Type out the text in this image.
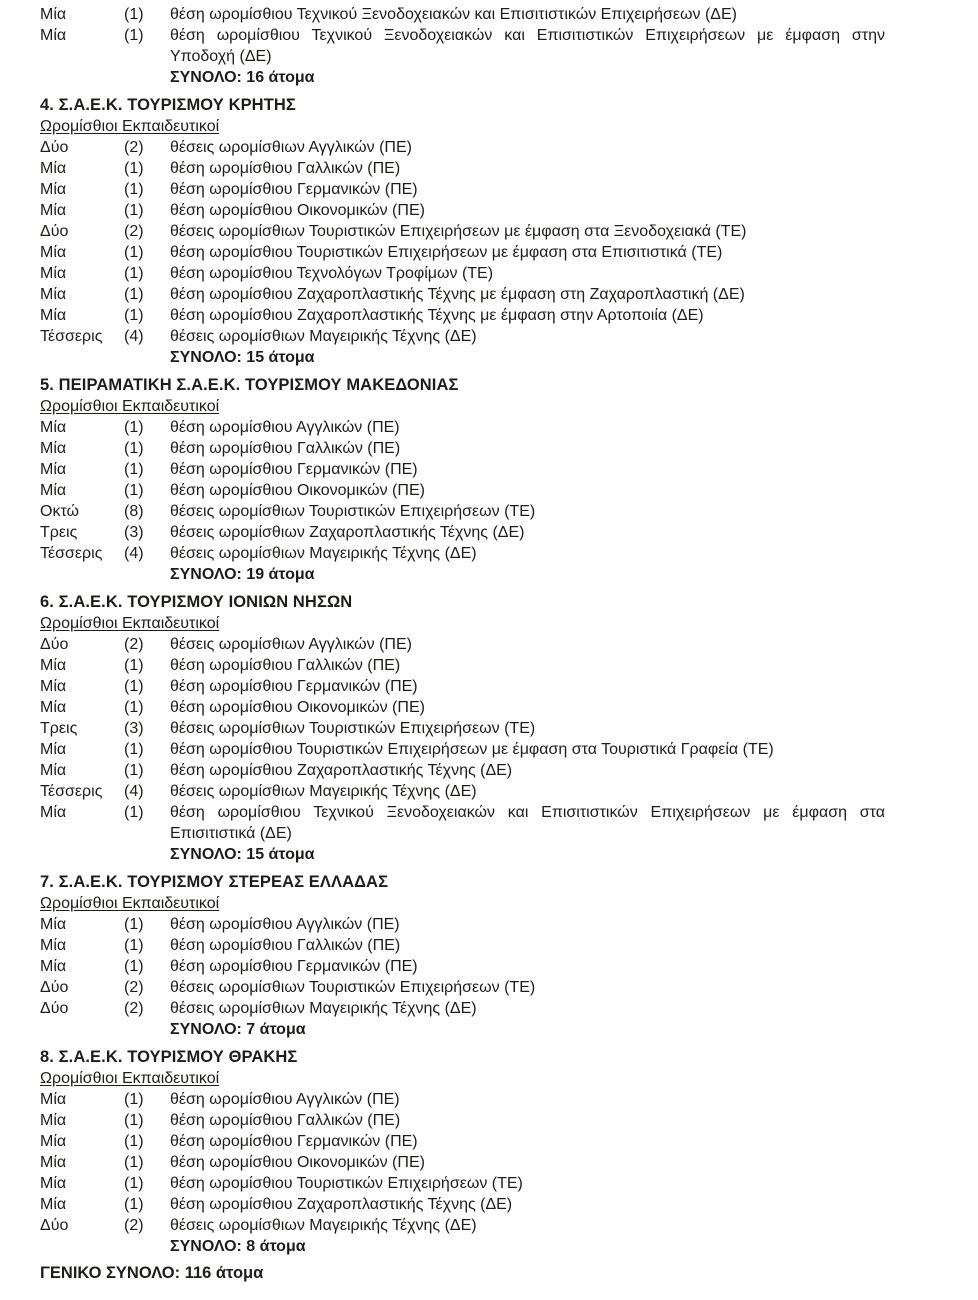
Μία	(1)	θέση ωρομίσθιου Τεχνικού Ξενοδοχειακών και Επισιτιστικών Επιχειρήσεων (ΔΕ)
Μία	(1)	θέση ωρομίσθιου Τεχνικού Ξενοδοχειακών και Επισιτιστικών Επιχειρήσεων με έμφαση στην Υποδοχή (ΔΕ)
ΣΥΝΟΛΟ: 16 άτομα
4. Σ.Α.Ε.Κ. ΤΟΥΡΙΣΜΟΥ ΚΡΗΤΗΣ
Ωρομίσθιοι Εκπαιδευτικοί
Δύο	(2)	θέσεις ωρομίσθιων Αγγλικών (ΠΕ)
Μία	(1)	θέση ωρομίσθιου Γαλλικών (ΠΕ)
Μία	(1)	θέση ωρομίσθιου Γερμανικών (ΠΕ)
Μία	(1)	θέση ωρομίσθιου Οικονομικών (ΠΕ)
Δύο	(2)	θέσεις ωρομίσθιων Τουριστικών Επιχειρήσεων με έμφαση στα Ξενοδοχειακά (ΤΕ)
Μία	(1)	θέση ωρομίσθιου Τουριστικών Επιχειρήσεων με έμφαση στα Επισιτιστικά (ΤΕ)
Μία	(1)	θέση ωρομίσθιου Τεχνολόγων Τροφίμων (ΤΕ)
Μία	(1)	θέση ωρομίσθιου Ζαχαροπλαστικής Τέχνης με έμφαση στη Ζαχαροπλαστική (ΔΕ)
Μία	(1)	θέση ωρομίσθιου Ζαχαροπλαστικής Τέχνης με έμφαση στην Αρτοποιία (ΔΕ)
Τέσσερις	(4)	θέσεις ωρομίσθιων Μαγειρικής Τέχνης (ΔΕ)
ΣΥΝΟΛΟ: 15 άτομα
5. ΠΕΙΡΑΜΑΤΙΚΗ Σ.Α.Ε.Κ. ΤΟΥΡΙΣΜΟΥ ΜΑΚΕΔΟΝΙΑΣ
Ωρομίσθιοι Εκπαιδευτικοί
Μία	(1)	θέση ωρομίσθιου Αγγλικών (ΠΕ)
Μία	(1)	θέση ωρομίσθιου Γαλλικών (ΠΕ)
Μία	(1)	θέση ωρομίσθιου Γερμανικών (ΠΕ)
Μία	(1)	θέση ωρομίσθιου Οικονομικών (ΠΕ)
Οκτώ	(8)	θέσεις ωρομίσθιων Τουριστικών Επιχειρήσεων (ΤΕ)
Τρεις	(3)	θέσεις ωρομίσθιων Ζαχαροπλαστικής Τέχνης (ΔΕ)
Τέσσερις	(4)	θέσεις ωρομίσθιων Μαγειρικής Τέχνης (ΔΕ)
ΣΥΝΟΛΟ: 19 άτομα
6. Σ.Α.Ε.Κ. ΤΟΥΡΙΣΜΟΥ ΙΟΝΙΩΝ ΝΗΣΩΝ
Ωρομίσθιοι Εκπαιδευτικοί
Δύο	(2)	θέσεις ωρομίσθιων Αγγλικών (ΠΕ)
Μία	(1)	θέση ωρομίσθιου Γαλλικών (ΠΕ)
Μία	(1)	θέση ωρομίσθιου Γερμανικών (ΠΕ)
Μία	(1)	θέση ωρομίσθιου Οικονομικών (ΠΕ)
Τρεις	(3)	θέσεις ωρομίσθιων Τουριστικών Επιχειρήσεων (ΤΕ)
Μία	(1)	θέση ωρομίσθιου Τουριστικών Επιχειρήσεων με έμφαση στα Τουριστικά Γραφεία (ΤΕ)
Μία	(1)	θέση ωρομίσθιου Ζαχαροπλαστικής Τέχνης (ΔΕ)
Τέσσερις	(4)	θέσεις ωρομίσθιων Μαγειρικής Τέχνης (ΔΕ)
Μία	(1)	θέση ωρομίσθιου Τεχνικού Ξενοδοχειακών και Επισιτιστικών Επιχειρήσεων με έμφαση στα Επισιτιστικά (ΔΕ)
ΣΥΝΟΛΟ: 15 άτομα
7. Σ.Α.Ε.Κ. ΤΟΥΡΙΣΜΟΥ ΣΤΕΡΕΑΣ ΕΛΛΑΔΑΣ
Ωρομίσθιοι Εκπαιδευτικοί
Μία	(1)	θέση ωρομίσθιου Αγγλικών (ΠΕ)
Μία	(1)	θέση ωρομίσθιου Γαλλικών (ΠΕ)
Μία	(1)	θέση ωρομίσθιου Γερμανικών (ΠΕ)
Δύο	(2)	θέσεις ωρομίσθιων Τουριστικών Επιχειρήσεων (ΤΕ)
Δύο	(2)	θέσεις ωρομίσθιων Μαγειρικής Τέχνης (ΔΕ)
ΣΥΝΟΛΟ: 7 άτομα
8. Σ.Α.Ε.Κ. ΤΟΥΡΙΣΜΟΥ ΘΡΑΚΗΣ
Ωρομίσθιοι Εκπαιδευτικοί
Μία	(1)	θέση ωρομίσθιου Αγγλικών (ΠΕ)
Μία	(1)	θέση ωρομίσθιου Γαλλικών (ΠΕ)
Μία	(1)	θέση ωρομίσθιου Γερμανικών (ΠΕ)
Μία	(1)	θέση ωρομίσθιου Οικονομικών (ΠΕ)
Μία	(1)	θέση ωρομίσθιου Τουριστικών Επιχειρήσεων (ΤΕ)
Μία	(1)	θέση ωρομίσθιου Ζαχαροπλαστικής Τέχνης (ΔΕ)
Δύο	(2)	θέσεις ωρομίσθιων Μαγειρικής Τέχνης (ΔΕ)
ΣΥΝΟΛΟ: 8 άτομα
ΓΕΝΙΚΟ ΣΥΝΟΛΟ: 116 άτομα
